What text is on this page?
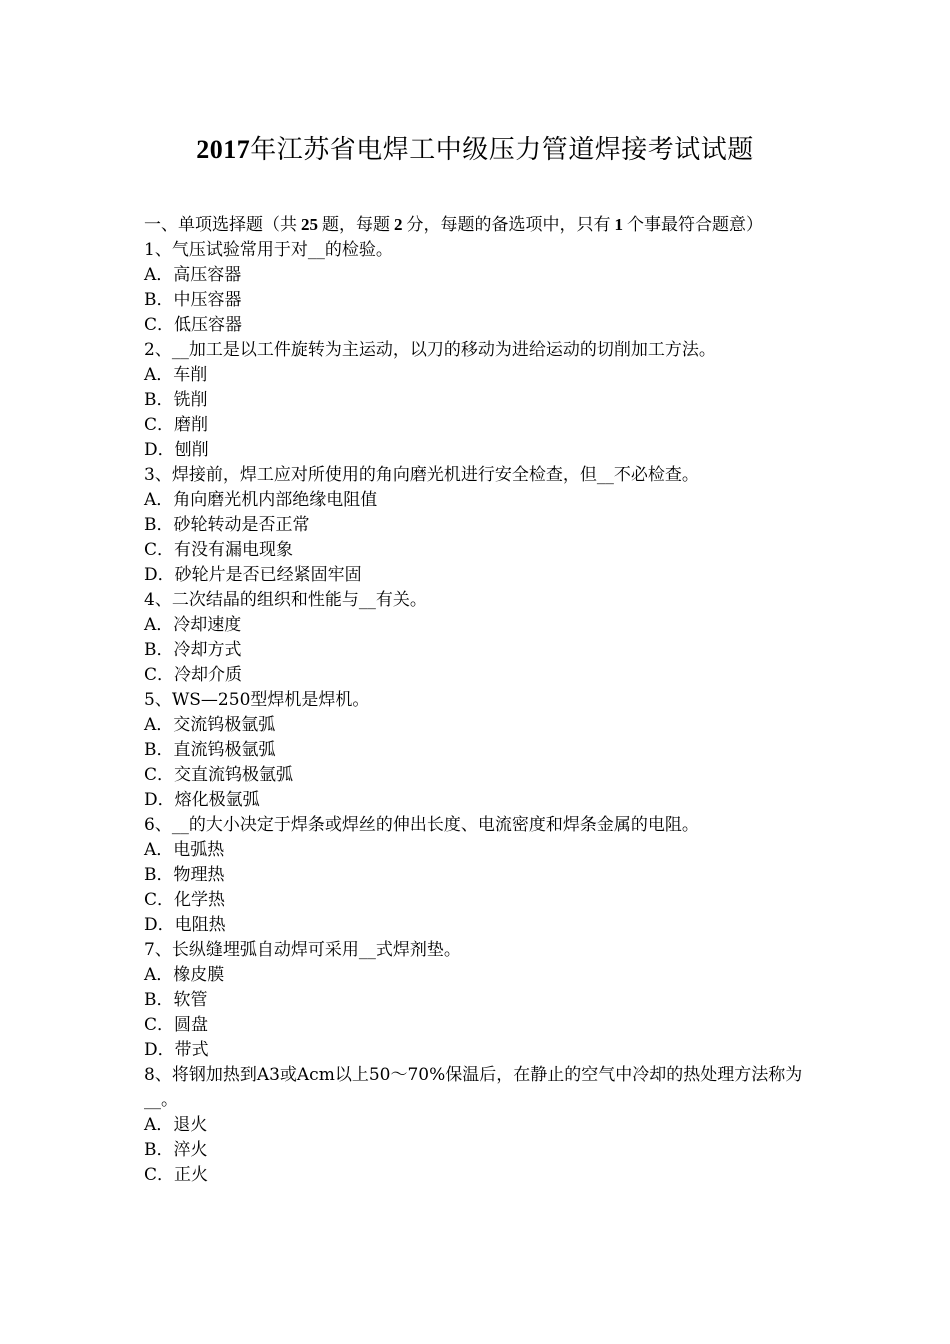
2017年江苏省电焊工中级压力管道焊接考试试题
一、单项选择题（共 25 题，每题 2 分，每题的备选项中，只有 1 个事最符合题意）
1、气压试验常用于对__的检验。
A．高压容器
B．中压容器
C．低压容器
2、__加工是以工件旋转为主运动，以刀的移动为进给运动的切削加工方法。
A．车削
B．铣削
C．磨削
D．刨削
3、焊接前，焊工应对所使用的角向磨光机进行安全检查，但__不必检查。
A．角向磨光机内部绝缘电阻值
B．砂轮转动是否正常
C．有没有漏电现象
D．砂轮片是否已经紧固牢固
4、二次结晶的组织和性能与__有关。
A．冷却速度
B．冷却方式
C．冷却介质
5、WS—250型焊机是焊机。
A．交流钨极氩弧
B．直流钨极氩弧
C．交直流钨极氩弧
D．熔化极氩弧
6、__的大小决定于焊条或焊丝的伸出长度、电流密度和焊条金属的电阻。
A．电弧热
B．物理热
C．化学热
D．电阻热
7、长纵缝埋弧自动焊可采用__式焊剂垫。
A．橡皮膜
B．软管
C．圆盘
D．带式
8、将钢加热到A3或Acm以上50～70%保温后，在静止的空气中冷却的热处理方法称为__。
A．退火
B．淬火
C．正火
